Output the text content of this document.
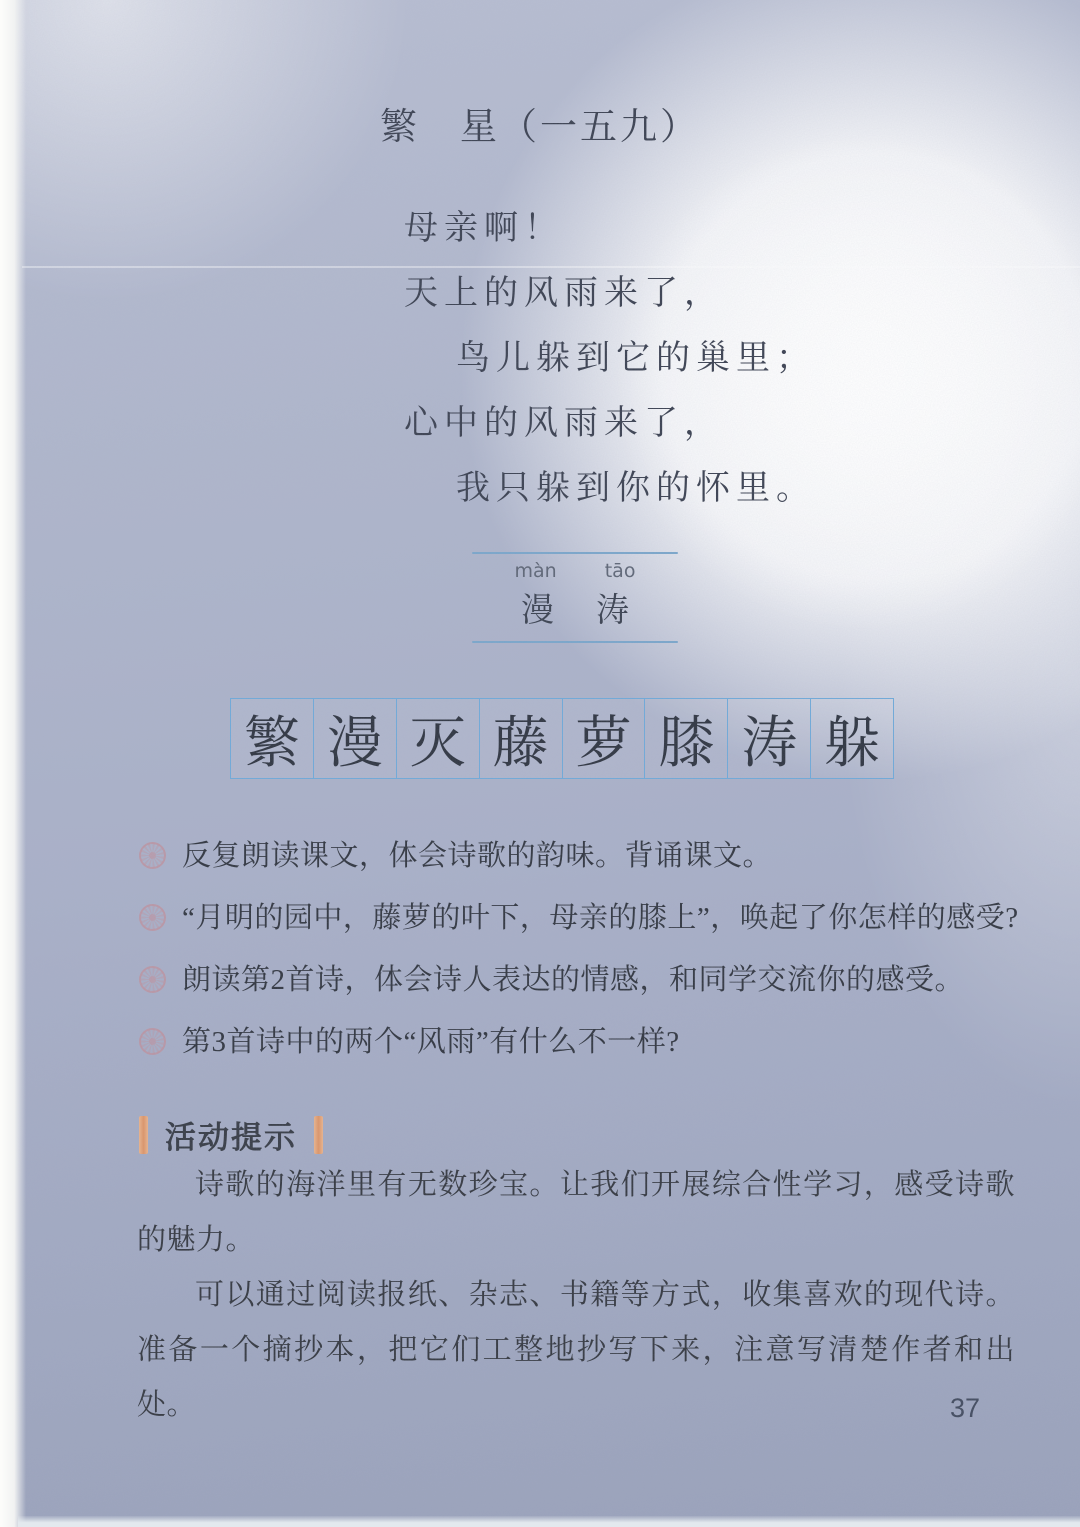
繁　星（一五九）

母亲啊！

天上的风雨来了，

鸟儿躲到它的巢里；

心中的风雨来了，

我只躲到你的怀里。

màn	tāo
漫 涛
繁 漫 灭 藤 萝 膝 涛 躲

反复朗读课文，体会诗歌的韵味。背诵课文。

“月明的园中，藤萝的叶下，母亲的膝上”，唤起了你怎样的感受?

朗读第2首诗，体会诗人表达的情感，和同学交流你的感受。

第3首诗中的两个“风雨”有什么不一样?

活动提示

诗歌的海洋里有无数珍宝。让我们开展综合性学习，感受诗歌的魅力。

可以通过阅读报纸、杂志、书籍等方式，收集喜欢的现代诗。准备一个摘抄本，把它们工整地抄写下来，注意写清楚作者和出处。	37
